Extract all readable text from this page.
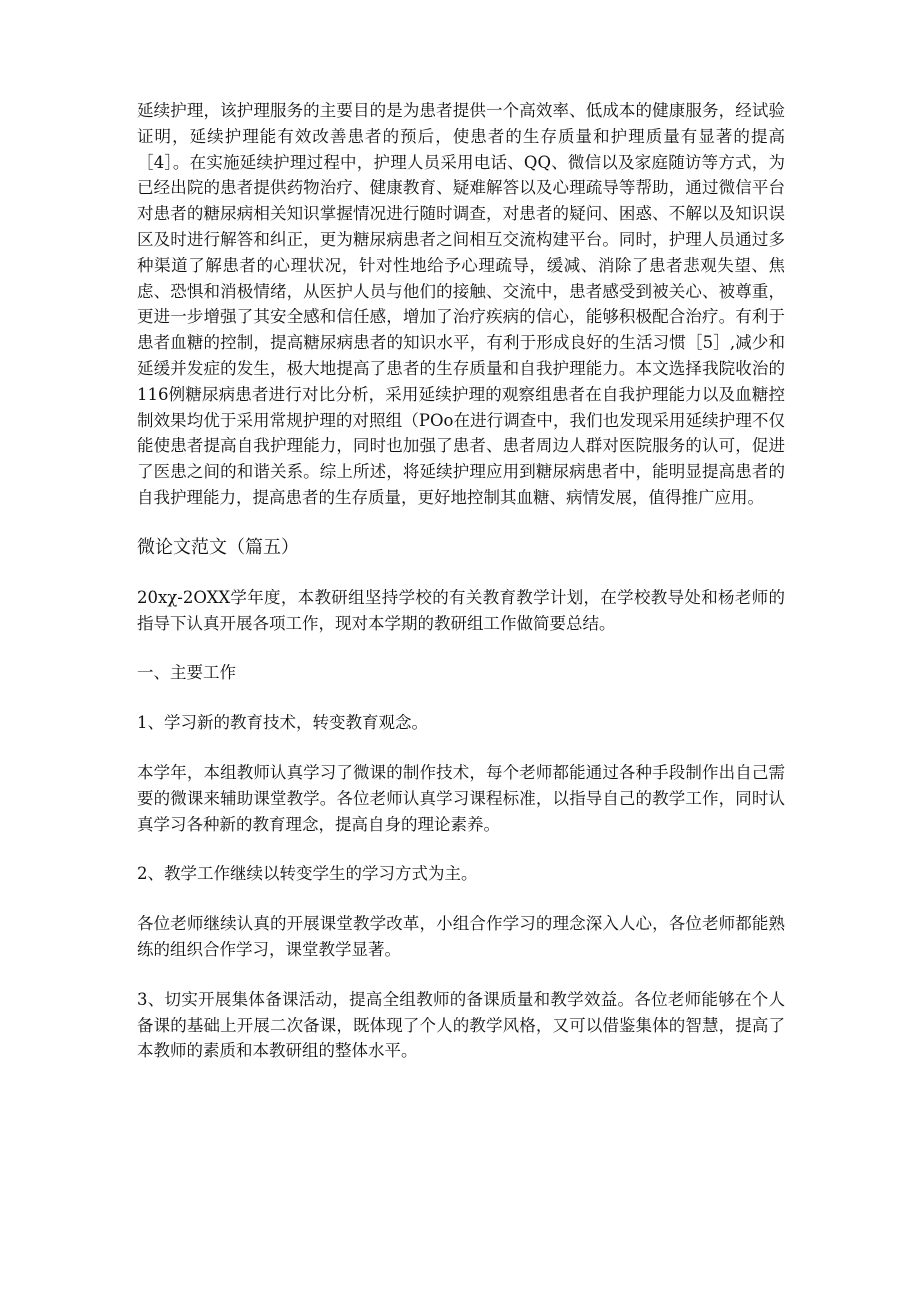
延续护理，该护理服务的主要目的是为患者提供一个高效率、低成本的健康服务，经试验证明，延续护理能有效改善患者的预后，使患者的生存质量和护理质量有显著的提高［4］。在实施延续护理过程中，护理人员采用电话、QQ、微信以及家庭随访等方式，为已经出院的患者提供药物治疗、健康教育、疑难解答以及心理疏导等帮助，通过微信平台对患者的糖尿病相关知识掌握情况进行随时调查，对患者的疑问、困惑、不解以及知识误区及时进行解答和纠正，更为糖尿病患者之间相互交流构建平台。同时，护理人员通过多种渠道了解患者的心理状况，针对性地给予心理疏导，缓减、消除了患者悲观失望、焦虑、恐惧和消极情绪，从医护人员与他们的接触、交流中，患者感受到被关心、被尊重，更进一步增强了其安全感和信任感，增加了治疗疾病的信心，能够积极配合治疗。有利于患者血糖的控制，提高糖尿病患者的知识水平，有利于形成良好的生活习惯［5］,减少和延缓并发症的发生，极大地提高了患者的生存质量和自我护理能力。本文选择我院收治的116例糖尿病患者进行对比分析，采用延续护理的观察组患者在自我护理能力以及血糖控制效果均优于采用常规护理的对照组（POo在进行调查中，我们也发现采用延续护理不仅能使患者提高自我护理能力，同时也加强了患者、患者周边人群对医院服务的认可，促进了医患之间的和谐关系。综上所述，将延续护理应用到糖尿病患者中，能明显提高患者的自我护理能力，提高患者的生存质量，更好地控制其血糖、病情发展，值得推广应用。

微论文范文（篇五）

20xχ-2OXX学年度，本教研组坚持学校的有关教育教学计划，在学校教导处和杨老师的指导下认真开展各项工作，现对本学期的教研组工作做简要总结。

一、主要工作

1、学习新的教育技术，转变教育观念。

本学年，本组教师认真学习了微课的制作技术，每个老师都能通过各种手段制作出自己需要的微课来辅助课堂教学。各位老师认真学习课程标准，以指导自己的教学工作，同时认真学习各种新的教育理念，提高自身的理论素养。

2、教学工作继续以转变学生的学习方式为主。

各位老师继续认真的开展课堂教学改革，小组合作学习的理念深入人心，各位老师都能熟练的组织合作学习，课堂教学显著。

3、切实开展集体备课活动，提高全组教师的备课质量和教学效益。各位老师能够在个人备课的基础上开展二次备课，既体现了个人的教学风格，又可以借鉴集体的智慧，提高了本教师的素质和本教研组的整体水平。
